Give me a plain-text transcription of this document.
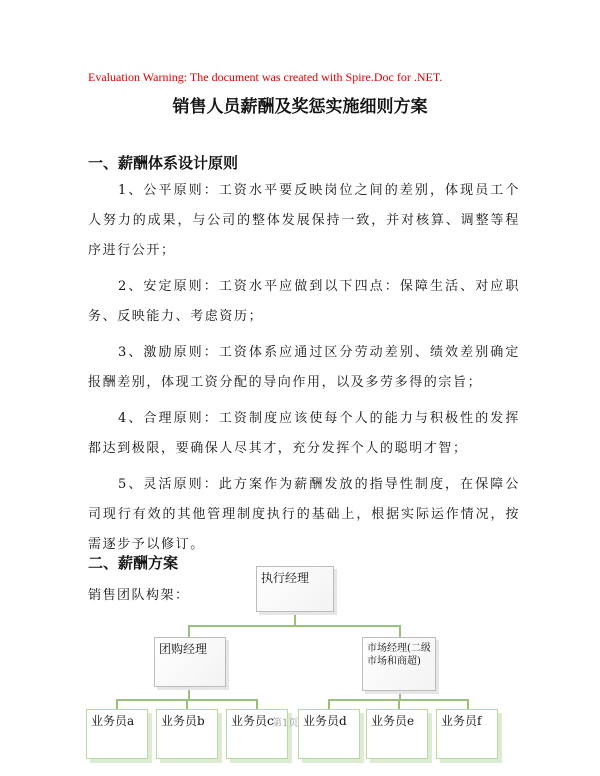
Evaluation Warning: The document was created with Spire.Doc for .NET.
销售人员薪酬及奖惩实施细则方案
一、薪酬体系设计原则

1、公平原则：工资水平要反映岗位之间的差别，体现员工个人努力的成果，与公司的整体发展保持一致，并对核算、调整等程序进行公开；

2、安定原则：工资水平应做到以下四点：保障生活、对应职务、反映能力、考虑资历；

3、激励原则：工资体系应通过区分劳动差别、绩效差别确定报酬差别，体现工资分配的导向作用，以及多劳多得的宗旨；

4、合理原则：工资制度应该使每个人的能力与积极性的发挥都达到极限，要确保人尽其才，充分发挥个人的聪明才智；

5、灵活原则：此方案作为薪酬发放的指导性制度，在保障公司现行有效的其他管理制度执行的基础上，根据实际运作情况，按需逐步予以修订。

二、薪酬方案
销售团队构架：
执行经理
团购经理	市场经理(二级市场和商超)
业务员a	业务员b	业务员c	业务员d	业务员e	业务员f
第1页
